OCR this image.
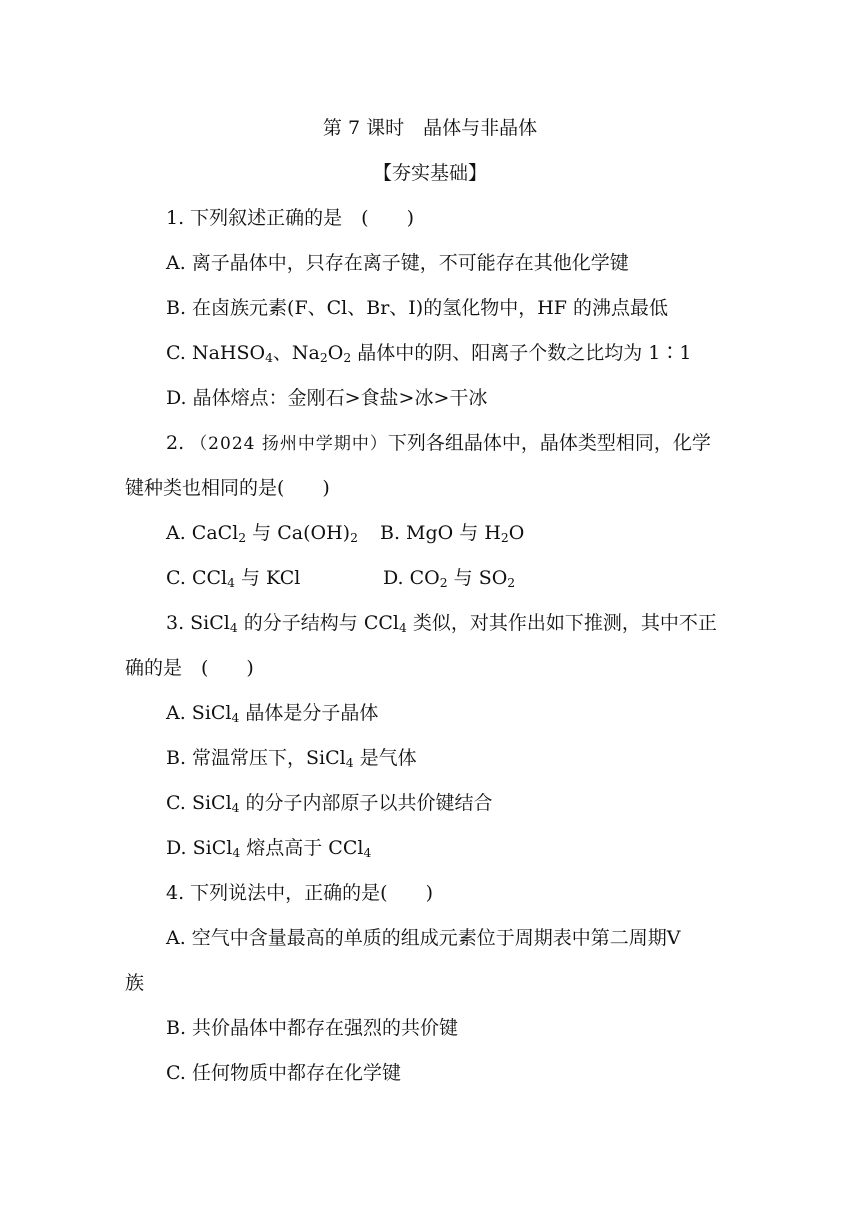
第 7 课时　晶体与非晶体
【夯实基础】
1. 下列叙述正确的是　(　　)
A. 离子晶体中，只存在离子键，不可能存在其他化学键
B. 在卤族元素(F、Cl、Br、I)的氢化物中，HF 的沸点最低
C. NaHSO$_4$、$Na_2O_2$ 晶体中的阴、阳离子个数之比均为 1∶1
D. 晶体熔点：金刚石>食盐>冰>干冰
2. （2024 扬州中学期中）下列各组晶体中，晶体类型相同，化学
键种类也相同的是(　　)
A. CaCl$_2$ 与 $Ca(OH)_2$ B. MgO 与 $H_2O$
C. CCl$_4$ 与 KCl	D. $CO_2$ 与 $SO_2$
3. SiCl$_4$ 的分子结构与 CCl$_4$ 类似，对其作出如下推测，其中不正
确的是　(　　)
A. SiCl$_4$ 晶体是分子晶体
B. 常温常压下，SiCl$_4$ 是气体
C. SiCl$_4$ 的分子内部原子以共价键结合
D. SiCl$_4$ 熔点高于 CCl$_4$
4. 下列说法中，正确的是(　　)
A. 空气中含量最高的单质的组成元素位于周期表中第二周期Ⅴ
族
B. 共价晶体中都存在强烈的共价键
C. 任何物质中都存在化学键
